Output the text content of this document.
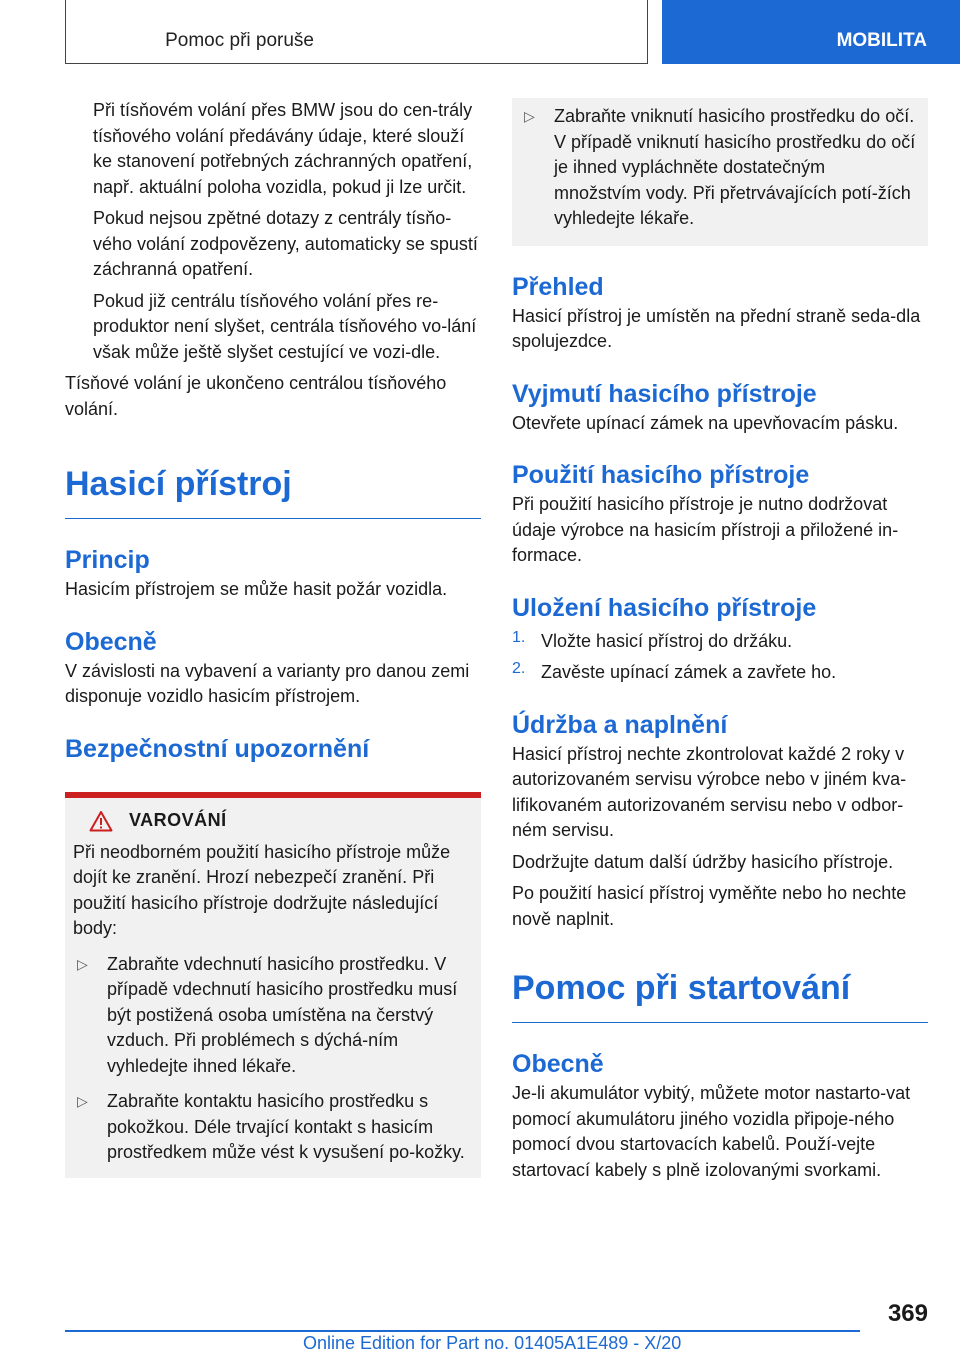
Pomoc při poruše	MOBILITA

Při tísňovém volání přes BMW jsou do cen-trály tísňového volání předávány údaje, které slouží ke stanovení potřebných záchranných opatření, např. aktuální poloha vozidla, pokud ji lze určit.

Pokud nejsou zpětné dotazy z centrály tísňo-vého volání zodpovězeny, automaticky se spustí záchranná opatření.

Pokud již centrálu tísňového volání přes re-produktor není slyšet, centrála tísňového vo-lání však může ještě slyšet cestující ve vozi-dle.

Tísňové volání je ukončeno centrálou tísňového volání.

Hasicí přístroj
Princip

Hasicím přístrojem se může hasit požár vozidla.

Obecně

V závislosti na vybavení a varianty pro danou zemi disponuje vozidlo hasicím přístrojem.

Bezpečnostní upozornění
VAROVÁNÍ

Při neodborném použití hasicího přístroje může dojít ke zranění. Hrozí nebezpečí zranění. Při použití hasicího přístroje dodržujte následující body:

▷	Zabraňte vdechnutí hasicího prostředku. V případě vdechnutí hasicího prostředku musí být postižená osoba umístěna na čerstvý vzduch. Při problémech s dýchá-ním vyhledejte ihned lékaře.

▷	Zabraňte kontaktu hasicího prostředku s pokožkou. Déle trvající kontakt s hasicím prostředkem může vést k vysušení po-kožky.

▷	Zabraňte vniknutí hasicího prostředku do očí. V případě vniknutí hasicího prostředku do očí je ihned vypláchněte dostatečným množstvím vody. Při přetrvávajících potí-žích vyhledejte lékaře.

Přehled

Hasicí přístroj je umístěn na přední straně seda-dla spolujezdce.

Vyjmutí hasicího přístroje

Otevřete upínací zámek na upevňovacím pásku.

Použití hasicího přístroje

Při použití hasicího přístroje je nutno dodržovat údaje výrobce na hasicím přístroji a přiložené in-formace.

Uložení hasicího přístroje
1. Vložte hasicí přístroj do držáku.

2. Zavěste upínací zámek a zavřete ho.

Údržba a naplnění

Hasicí přístroj nechte zkontrolovat každé 2 roky v autorizovaném servisu výrobce nebo v jiném kva-lifikovaném autorizovaném servisu nebo v odbor-ném servisu.

Dodržujte datum další údržby hasicího přístroje.

Po použití hasicí přístroj vyměňte nebo ho nechte nově naplnit.

Pomoc při startování
Obecně

Je-li akumulátor vybitý, můžete motor nastarto-vat pomocí akumulátoru jiného vozidla připoje-ného pomocí dvou startovacích kabelů. Použí-vejte startovací kabely s plně izolovanými svorkami.

369
Online Edition for Part no. 01405A1E489 - X/20
